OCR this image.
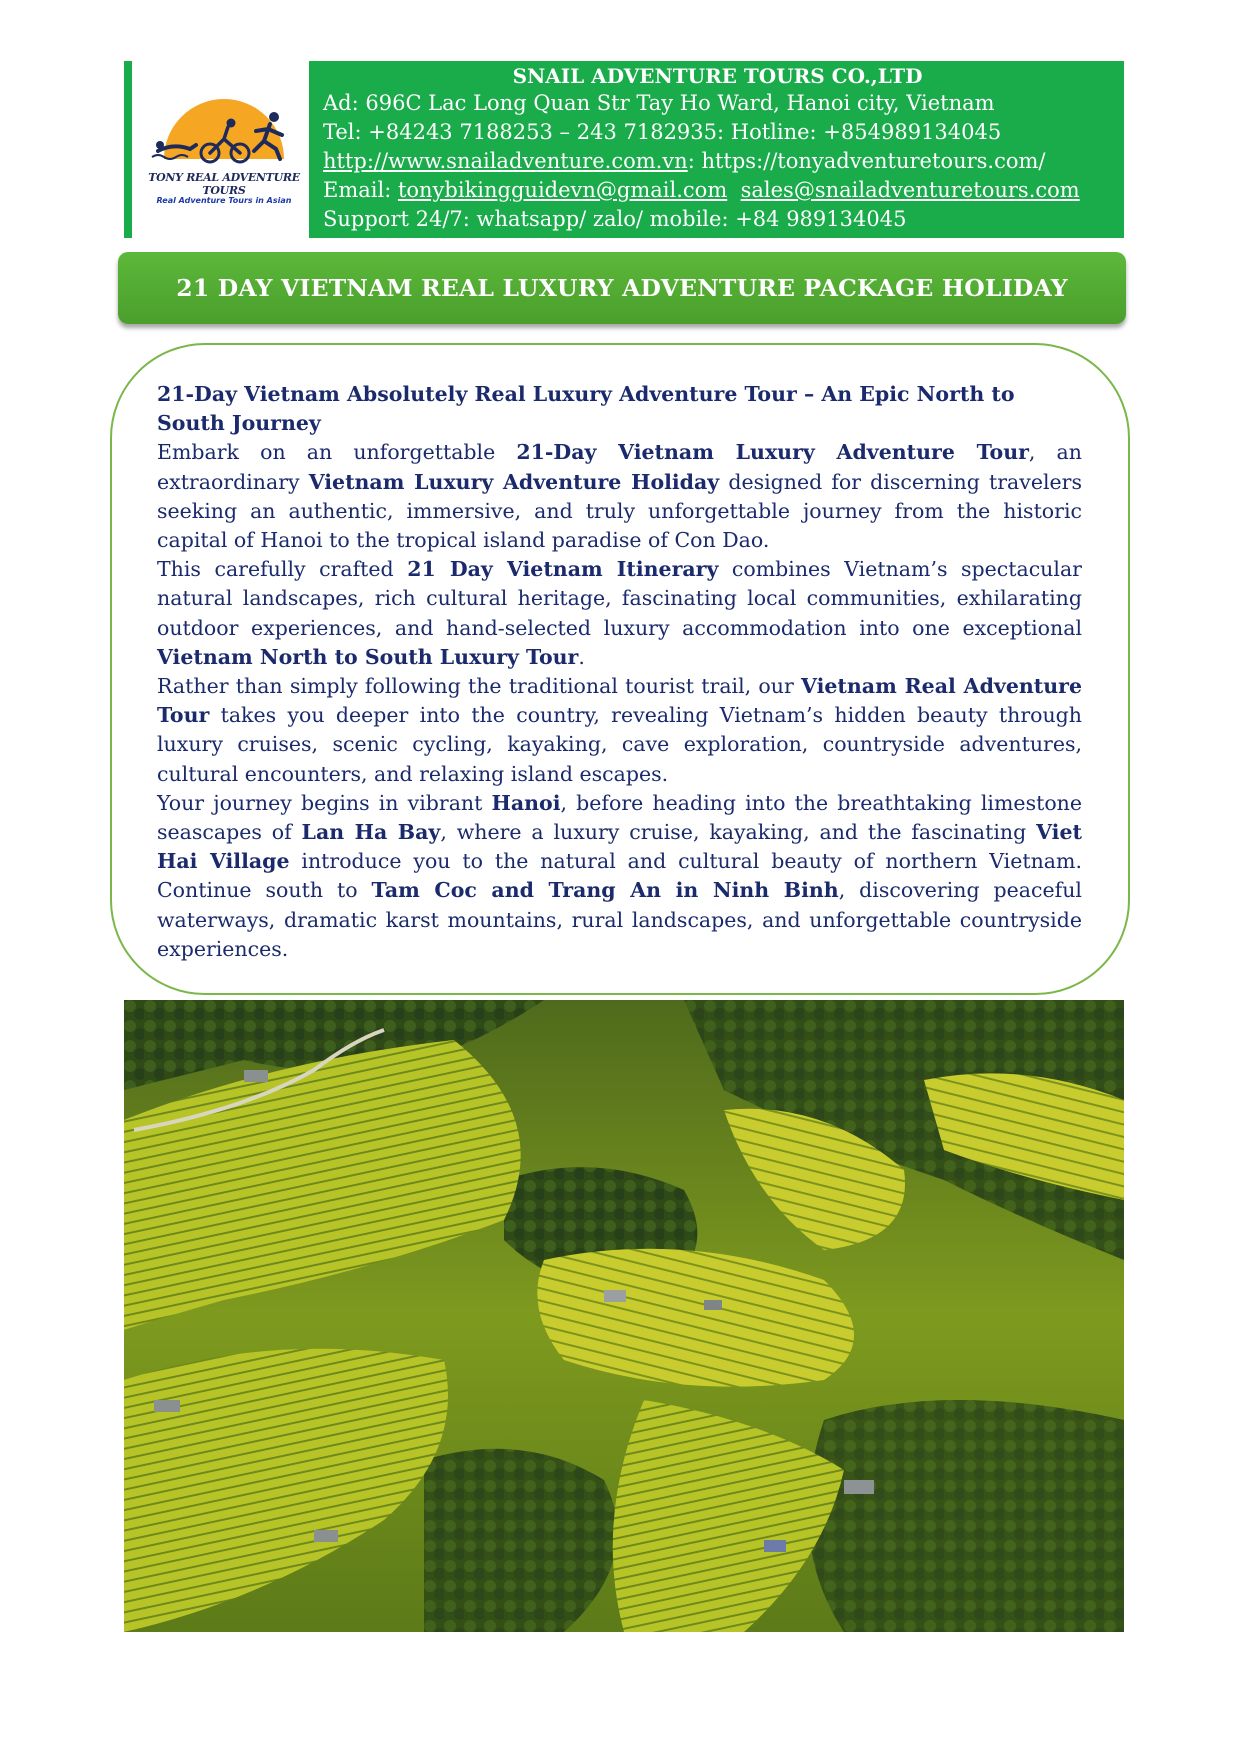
TONY REAL ADVENTURE TOURS
Real Adventure Tours in Asian
SNAIL ADVENTURE TOURS CO.,LTD
Ad: 696C Lac Long Quan Str Tay Ho Ward, Hanoi city, Vietnam
Tel: +84243 7188253 – 243 7182935: Hotline: +854989134045
http://www.snailadventure.com.vn: https://tonyadventuretours.com/
Email: tonybikingguidevn@gmail.com sales@snailadventuretours.com
Support 24/7: whatsapp/ zalo/ mobile: +84 989134045
21 DAY VIETNAM REAL LUXURY ADVENTURE PACKAGE HOLIDAY

21-Day Vietnam Absolutely Real Luxury Adventure Tour – An Epic North to South Journey

Embark on an unforgettable 21-Day Vietnam Luxury Adventure Tour, an extraordinary Vietnam Luxury Adventure Holiday designed for discerning travelers seeking an authentic, immersive, and truly unforgettable journey from the historic capital of Hanoi to the tropical island paradise of Con Dao.

This carefully crafted 21 Day Vietnam Itinerary combines Vietnam’s spectacular natural landscapes, rich cultural heritage, fascinating local communities, exhilarating outdoor experiences, and hand-selected luxury accommodation into one exceptional Vietnam North to South Luxury Tour.

Rather than simply following the traditional tourist trail, our Vietnam Real Adventure Tour takes you deeper into the country, revealing Vietnam’s hidden beauty through luxury cruises, scenic cycling, kayaking, cave exploration, countryside adventures, cultural encounters, and relaxing island escapes.

Your journey begins in vibrant Hanoi, before heading into the breathtaking limestone seascapes of Lan Ha Bay, where a luxury cruise, kayaking, and the fascinating Viet Hai Village introduce you to the natural and cultural beauty of northern Vietnam. Continue south to Tam Coc and Trang An in Ninh Binh, discovering peaceful waterways, dramatic karst mountains, rural landscapes, and unforgettable countryside experiences.
